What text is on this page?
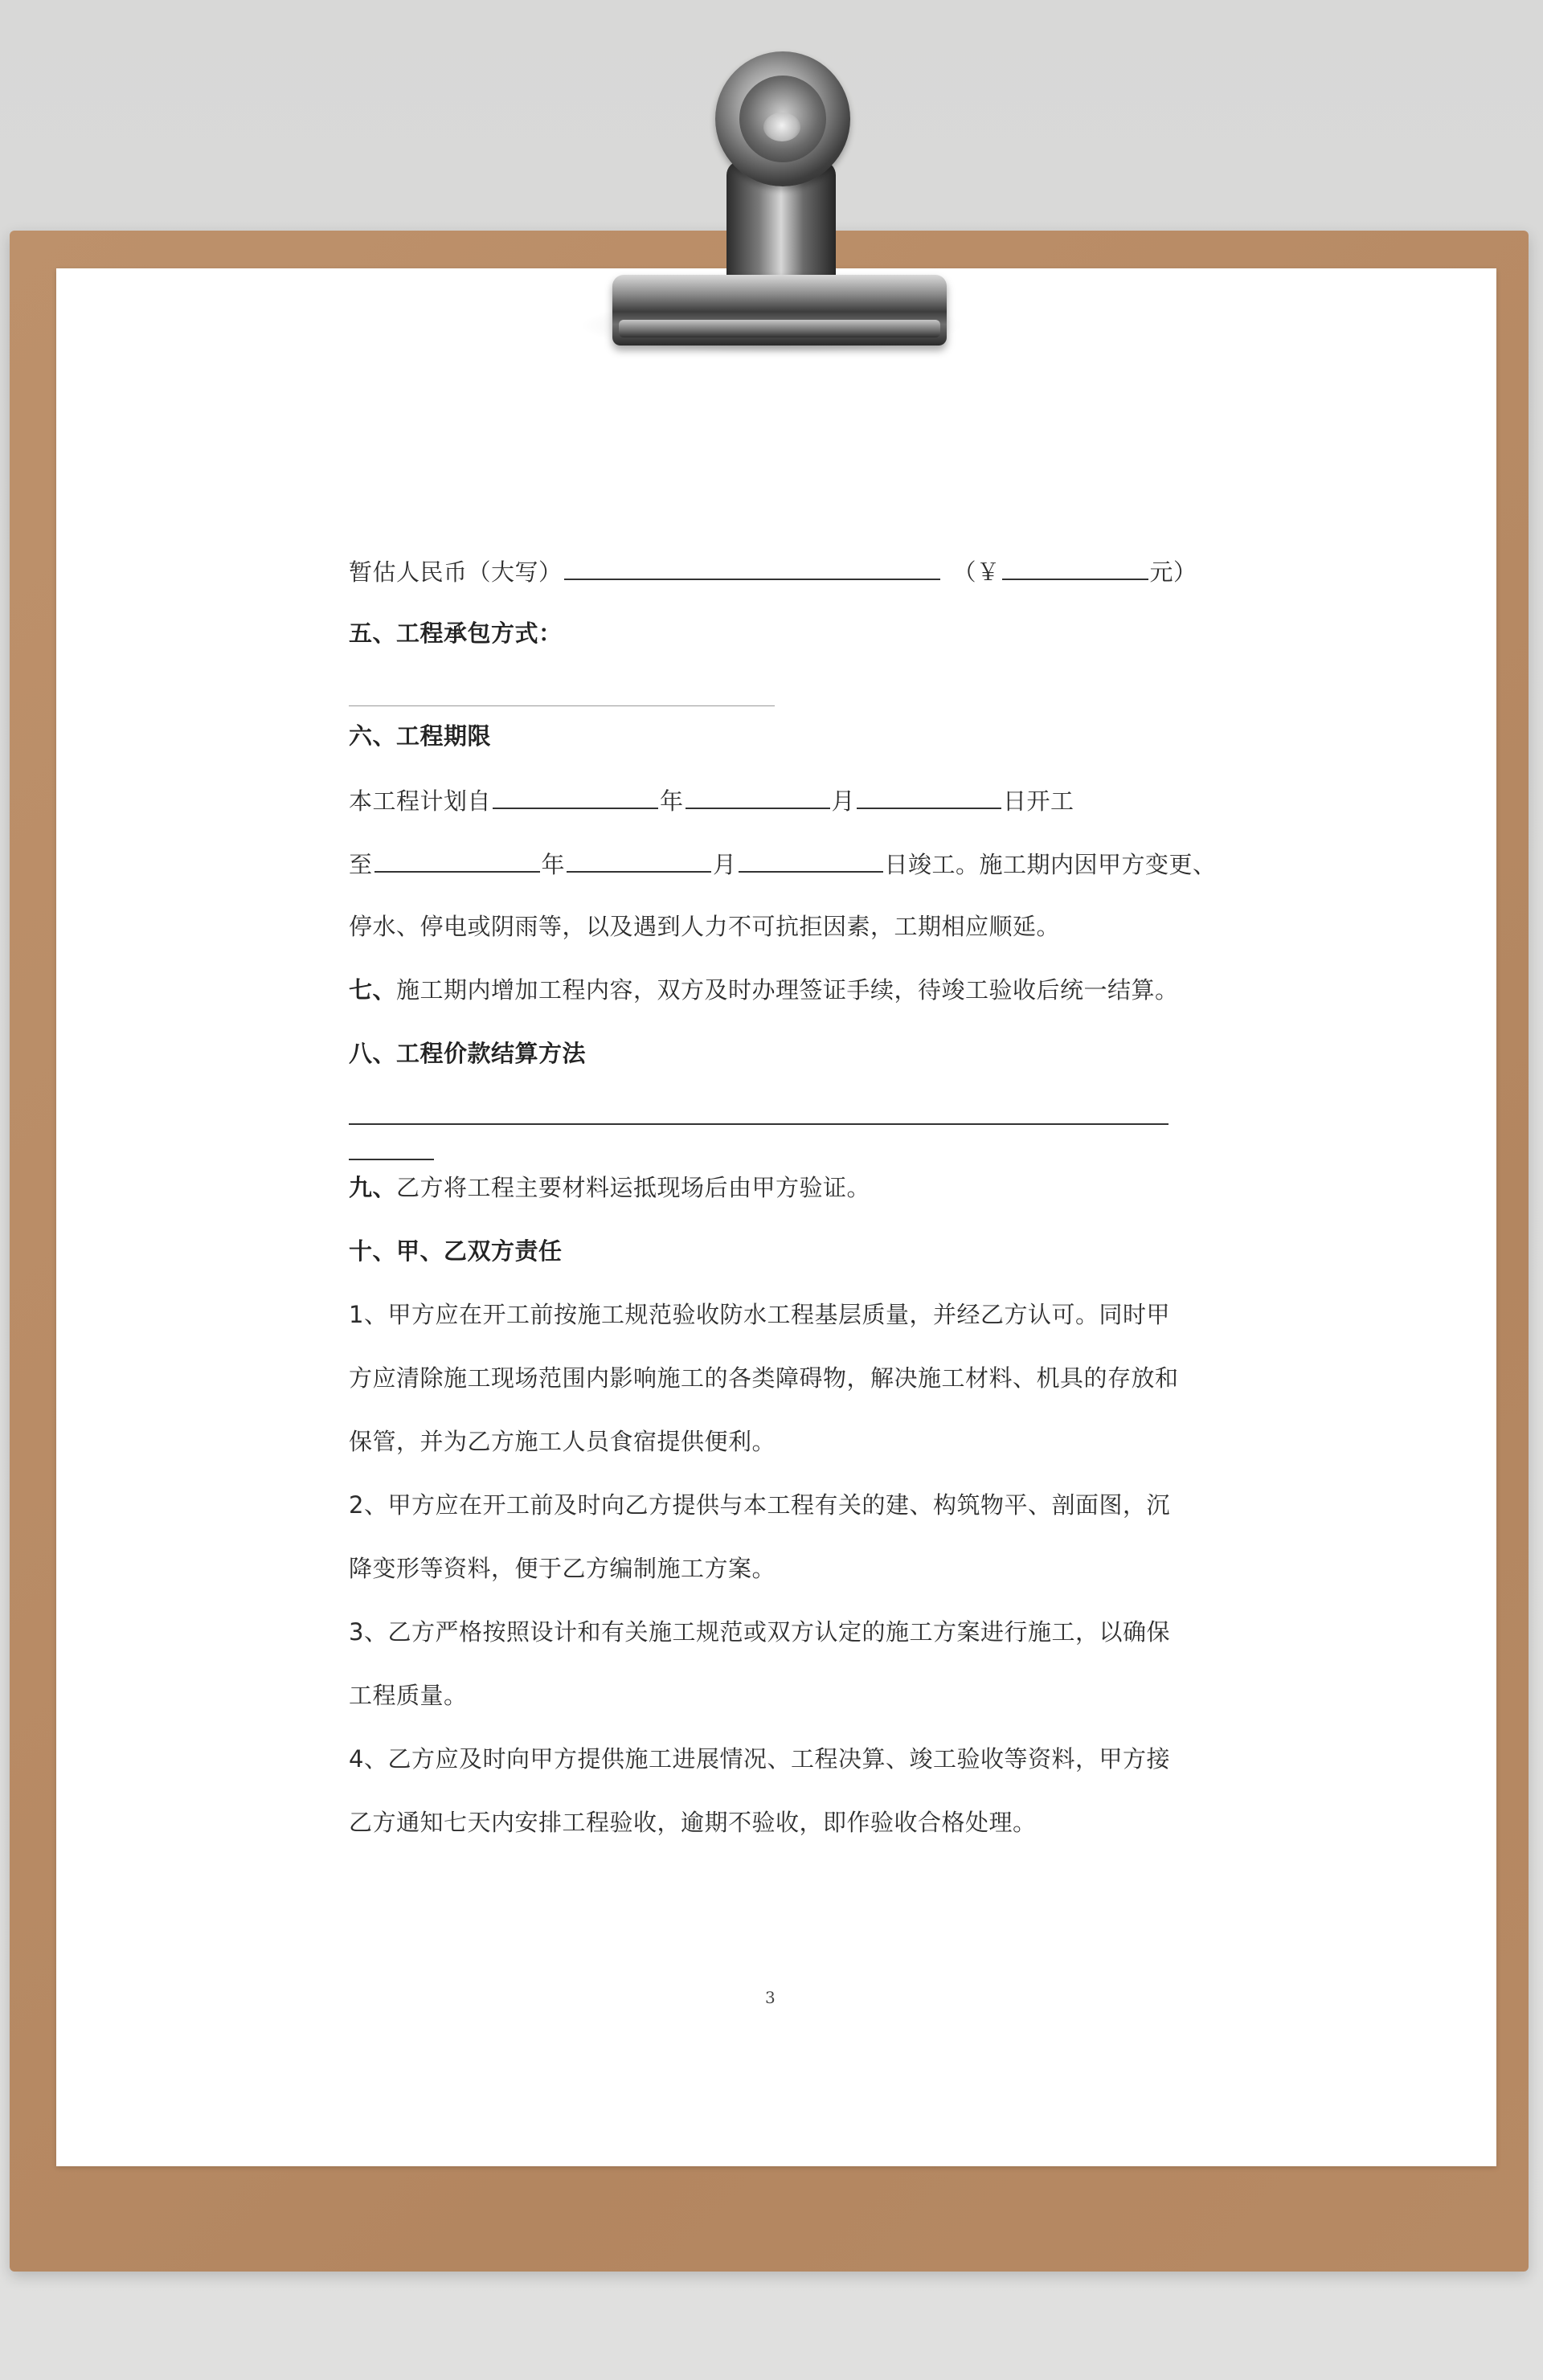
暂估人民币（大写）	（￥	元）
五、工程承包方式：
六、工程期限
本工程计划自	年	月	日开工
至	年	月	日竣工。施工期内因甲方变更、
停水、停电或阴雨等，以及遇到人力不可抗拒因素，工期相应顺延。
七、施工期内增加工程内容，双方及时办理签证手续，待竣工验收后统一结算。
八、工程价款结算方法
九、乙方将工程主要材料运抵现场后由甲方验证。
十、甲、乙双方责任
1、甲方应在开工前按施工规范验收防水工程基层质量，并经乙方认可。同时甲
方应清除施工现场范围内影响施工的各类障碍物，解决施工材料、机具的存放和
保管，并为乙方施工人员食宿提供便利。
2、甲方应在开工前及时向乙方提供与本工程有关的建、构筑物平、剖面图，沉
降变形等资料，便于乙方编制施工方案。
3、乙方严格按照设计和有关施工规范或双方认定的施工方案进行施工，以确保
工程质量。
4、乙方应及时向甲方提供施工进展情况、工程决算、竣工验收等资料，甲方接
乙方通知七天内安排工程验收，逾期不验收，即作验收合格处理。
3
